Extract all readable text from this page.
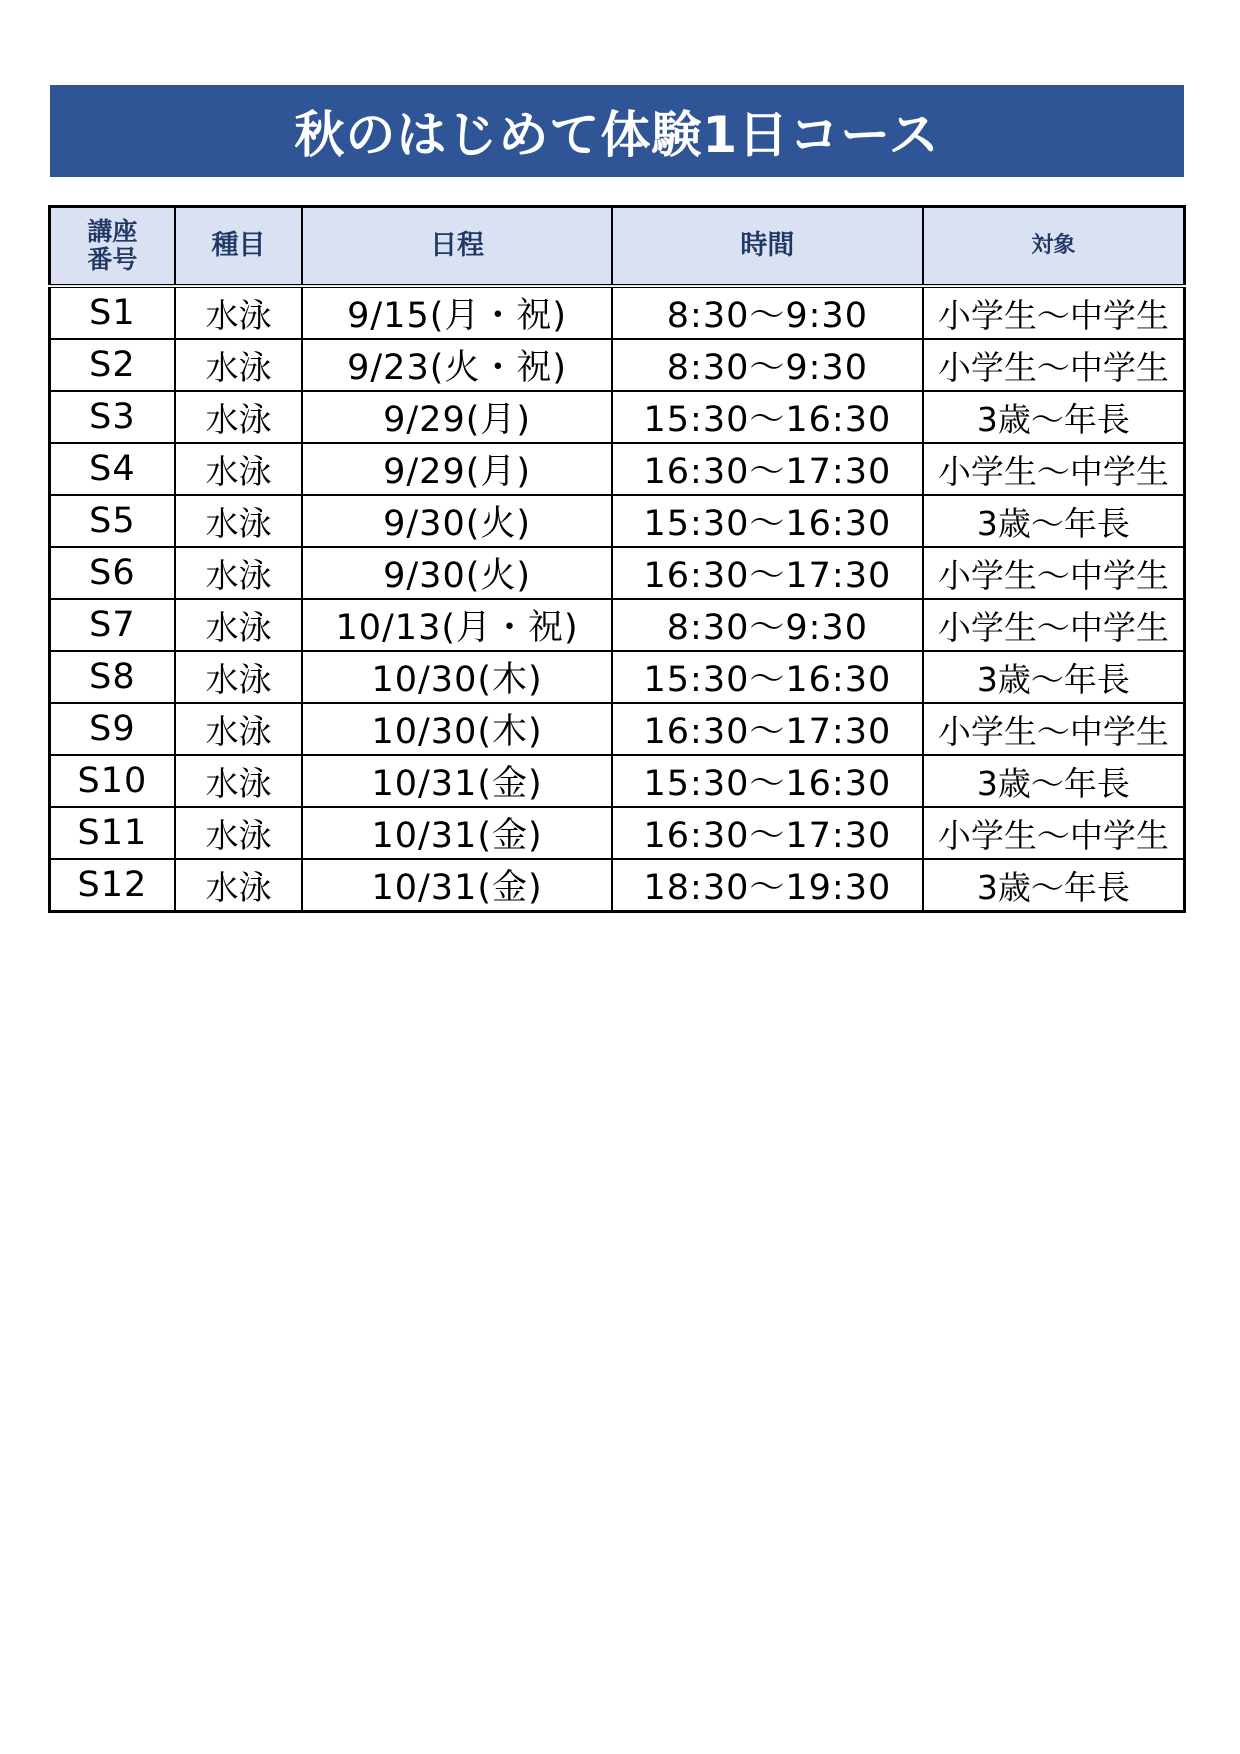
秋のはじめて体験1日コース
講座
番号	種目	日程	時間	対象
S1	水泳	9/15(月・祝)	8:30～9:30	小学生～中学生
S2	水泳	9/23(火・祝)	8:30～9:30	小学生～中学生
S3	水泳	9/29(月)	15:30～16:30	3歳～年長
S4	水泳	9/29(月)	16:30～17:30	小学生～中学生
S5	水泳	9/30(火)	15:30～16:30	3歳～年長
S6	水泳	9/30(火)	16:30～17:30	小学生～中学生
S7	水泳	10/13(月・祝)	8:30～9:30	小学生～中学生
S8	水泳	10/30(木)	15:30～16:30	3歳～年長
S9	水泳	10/30(木)	16:30～17:30	小学生～中学生
S10	水泳	10/31(金)	15:30～16:30	3歳～年長
S11	水泳	10/31(金)	16:30～17:30	小学生～中学生
S12	水泳	10/31(金)	18:30～19:30	3歳～年長
